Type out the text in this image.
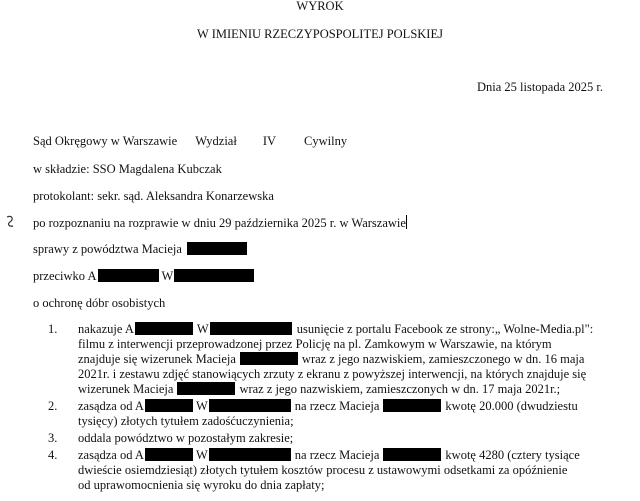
WYROK
W IMIENIU RZECZYPOSPOLITEJ POLSKIEJ
Dnia 25 listopada 2025 r.
Sąd Okręgowy w Warszawie Wydział IV Cywilny
w składzie: SSO Magdalena Kubczak
protokolant: sekr. sąd. Aleksandra Konarzewska
po rozpoznaniu na rozprawie w dniu 29 października 2025 r. w Warszawie
sprawy z powództwa Macieja
przeciwko A	W
o ochronę dóbr osobistych
1. nakazuje A	W	usunięcie z portalu Facebook ze strony:„ Wolne-Media.pl":
filmu z interwencji przeprowadzonej przez Policję na pl. Zamkowym w Warszawie, na którym
znajduje się wizerunek Macieja	wraz z jego nazwiskiem, zamieszczonego w dn. 16 maja
2021r. i zestawu zdjęć stanowiących zrzuty z ekranu z powyższej interwencji, na których znajduje się
wizerunek Macieja	wraz z jego nazwiskiem, zamieszczonych w dn. 17 maja 2021r.;
2. zasądza od A	W	na rzecz Macieja	kwotę 20.000 (dwudziestu
tysięcy) złotych tytułem zadośćuczynienia;
3. oddala powództwo w pozostałym zakresie;
4. zasądza od A	W	na rzecz Macieja	kwotę 4280 (cztery tysiące
dwieście osiemdziesiąt) złotych tytułem kosztów procesu z ustawowymi odsetkami za opóźnienie
od uprawomocnienia się wyroku do dnia zapłaty;
